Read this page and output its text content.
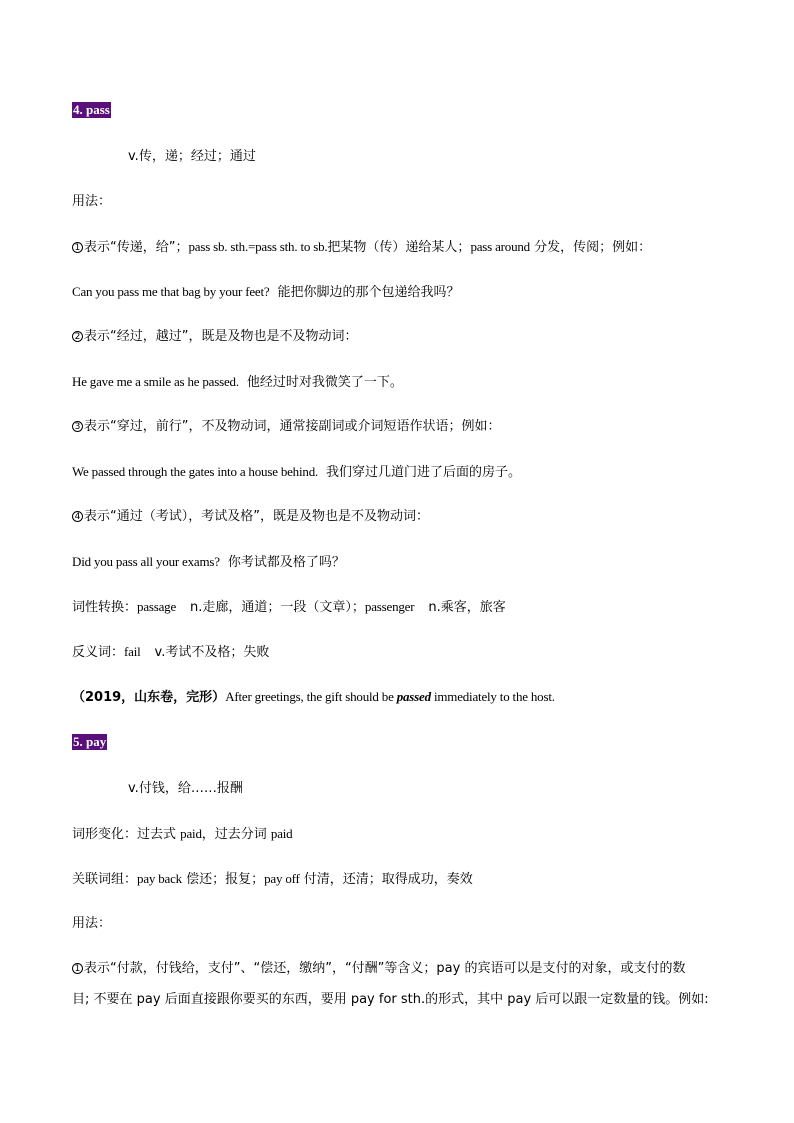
4. pass
v.传，递；经过；通过
用法：
1 表示“传递，给”；pass sb. sth.=pass sth. to sb.把某物（传）递给某人；pass around 分发，传阅；例如：
Can you pass me that bag by your feet? 能把你脚边的那个包递给我吗？
2 表示“经过，越过”，既是及物也是不及物动词：
He gave me a smile as he passed. 他经过时对我微笑了一下。
3 表示“穿过，前行”，不及物动词，通常接副词或介词短语作状语；例如：
We passed through the gates into a house behind. 我们穿过几道门进了后面的房子。
4 表示“通过（考试），考试及格”，既是及物也是不及物动词：
Did you pass all your exams? 你考试都及格了吗？
词性转换：passage n.走廊，通道；一段（文章）；passenger n.乘客，旅客
反义词：fail v.考试不及格；失败
（2019，山东卷，完形）After greetings, the gift should be passed immediately to the host.
5. pay
v.付钱，给……报酬
词形变化：过去式 paid，过去分词 paid
关联词组：pay back 偿还；报复；pay off 付清，还清；取得成功，奏效
用法：
1 表示“付款，付钱给，支付”、“偿还，缴纳”，“付酬”等含义；pay 的宾语可以是支付的对象，或支付的数
目; 不要在 pay 后面直接跟你要买的东西，要用 pay for sth.的形式，其中 pay 后可以跟一定数量的钱。例如:
